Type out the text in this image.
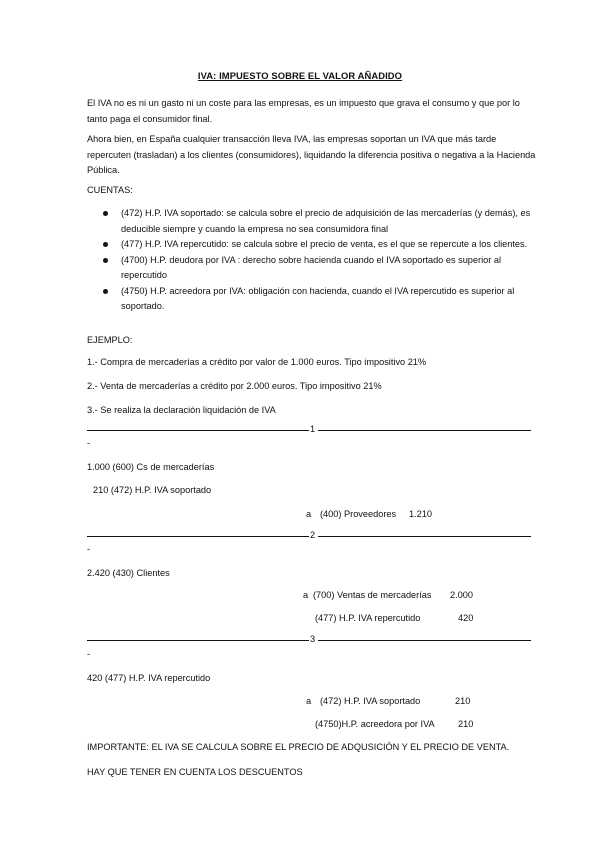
IVA: IMPUESTO SOBRE EL VALOR AÑADIDO

El IVA no es ni un gasto ni un coste para las empresas, es un impuesto que grava el consumo y que por lo tanto paga el consumidor final.

Ahora bien, en España cualquier transacción lleva IVA, las empresas soportan un IVA que más tarde repercuten (trasladan) a los clientes (consumidores), liquidando la diferencia positiva o negativa a la Hacienda Pública.

CUENTAS:

(472) H.P. IVA soportado: se calcula sobre el precio de adquisición de las mercaderías (y demás), es deducible siempre y cuando la empresa no sea consumidora final
(477) H.P. IVA repercutido: se calcula sobre el precio de venta, es el que se repercute a los clientes.
(4700) H.P. deudora por IVA : derecho sobre hacienda cuando el IVA soportado es superior al repercutido
(4750) H.P. acreedora por IVA: obligación con hacienda, cuando el IVA repercutido es superior al soportado.

EJEMPLO:

1.- Compra de mercaderías a crédito por valor de 1.000 euros. Tipo impositivo 21%

2.- Venta de mercaderías a crédito por 2.000 euros. Tipo impositivo 21%

3.- Se realiza la declaración liquidación de IVA

1
-
1.000 (600) Cs de mercaderías
210 (472) H.P. IVA soportado
a (400) Proveedores 1.210
2
-
2.420 (430) Clientes
a (700) Ventas de mercaderías 2.000
(477) H.P. IVA repercutido	420
3
-
420 (477) H.P. IVA repercutido
a (472) H.P. IVA soportado	210
(4750)H.P. acreedora por IVA	210

IMPORTANTE: EL IVA SE CALCULA SOBRE EL PRECIO DE ADQUSICIÓN Y EL PRECIO DE VENTA.

HAY QUE TENER EN CUENTA LOS DESCUENTOS
